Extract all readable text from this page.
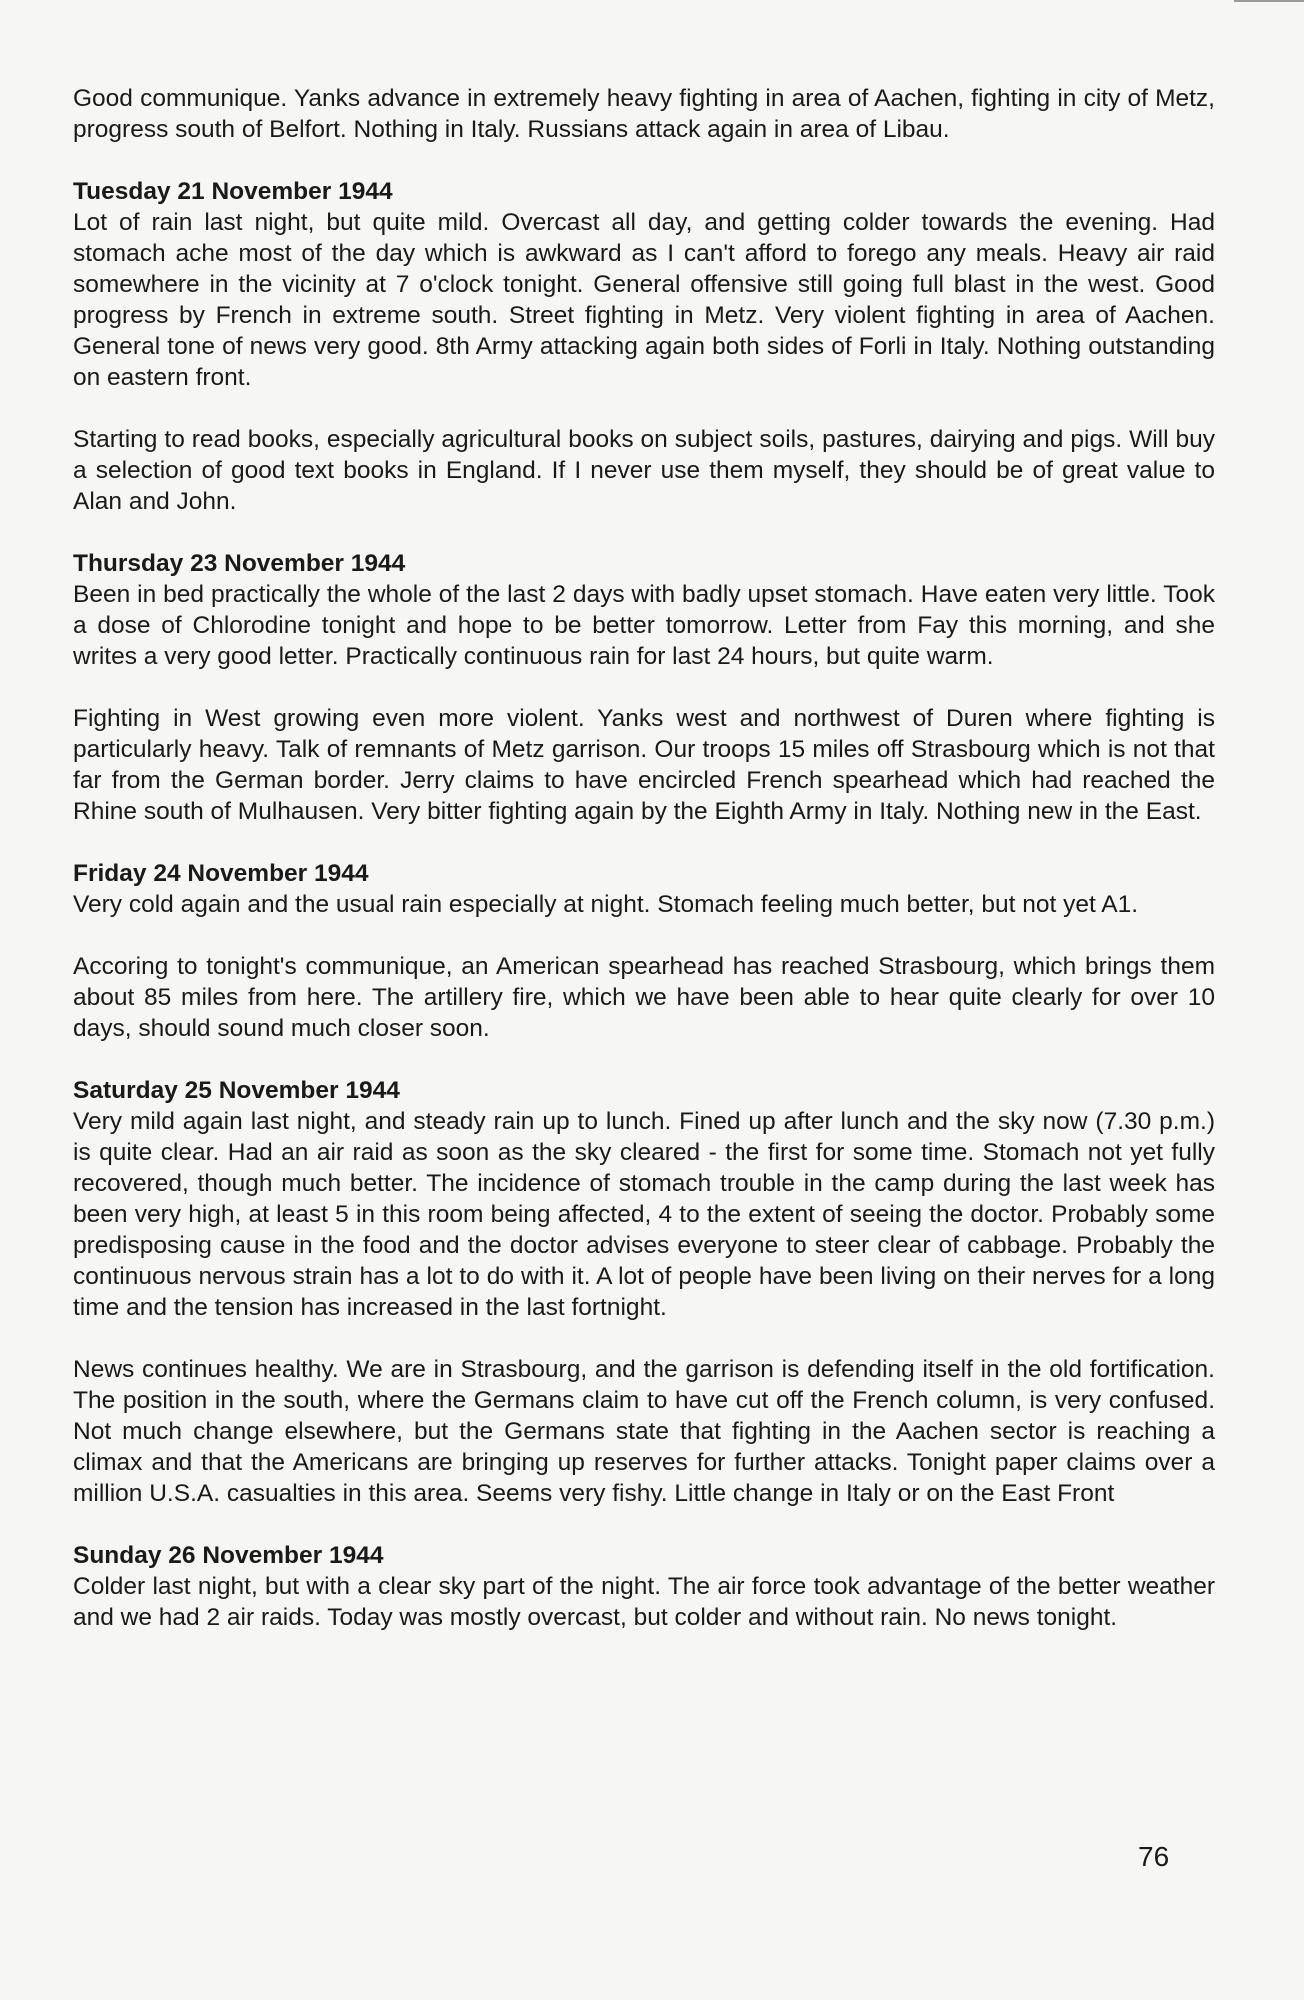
Good communique. Yanks advance in extremely heavy fighting in area of Aachen, fighting in city of Metz, progress south of Belfort. Nothing in Italy. Russians attack again in area of Libau.

Tuesday 21 November 1944

Lot of rain last night, but quite mild. Overcast all day, and getting colder towards the evening. Had stomach ache most of the day which is awkward as I can't afford to forego any meals. Heavy air raid somewhere in the vicinity at 7 o'clock tonight. General offensive still going full blast in the west. Good progress by French in extreme south. Street fighting in Metz. Very violent fighting in area of Aachen. General tone of news very good. 8th Army attacking again both sides of Forli in Italy. Nothing outstanding on eastern front.

Starting to read books, especially agricultural books on subject soils, pastures, dairying and pigs. Will buy a selection of good text books in England. If I never use them myself, they should be of great value to Alan and John.

Thursday 23 November 1944

Been in bed practically the whole of the last 2 days with badly upset stomach. Have eaten very little. Took a dose of Chlorodine tonight and hope to be better tomorrow. Letter from Fay this morning, and she writes a very good letter. Practically continuous rain for last 24 hours, but quite warm.

Fighting in West growing even more violent. Yanks west and northwest of Duren where fighting is particularly heavy. Talk of remnants of Metz garrison. Our troops 15 miles off Strasbourg which is not that far from the German border. Jerry claims to have encircled French spearhead which had reached the Rhine south of Mulhausen. Very bitter fighting again by the Eighth Army in Italy. Nothing new in the East.

Friday 24 November 1944

Very cold again and the usual rain especially at night. Stomach feeling much better, but not yet A1.

Accoring to tonight's communique, an American spearhead has reached Strasbourg, which brings them about 85 miles from here. The artillery fire, which we have been able to hear quite clearly for over 10 days, should sound much closer soon.

Saturday 25 November 1944

Very mild again last night, and steady rain up to lunch. Fined up after lunch and the sky now (7.30 p.m.) is quite clear. Had an air raid as soon as the sky cleared - the first for some time. Stomach not yet fully recovered, though much better. The incidence of stomach trouble in the camp during the last week has been very high, at least 5 in this room being affected, 4 to the extent of seeing the doctor. Probably some predisposing cause in the food and the doctor advises everyone to steer clear of cabbage. Probably the continuous nervous strain has a lot to do with it. A lot of people have been living on their nerves for a long time and the tension has increased in the last fortnight.

News continues healthy. We are in Strasbourg, and the garrison is defending itself in the old fortification. The position in the south, where the Germans claim to have cut off the French column, is very confused. Not much change elsewhere, but the Germans state that fighting in the Aachen sector is reaching a climax and that the Americans are bringing up reserves for further attacks. Tonight paper claims over a million U.S.A. casualties in this area. Seems very fishy. Little change in Italy or on the East Front

Sunday 26 November 1944

Colder last night, but with a clear sky part of the night. The air force took advantage of the better weather and we had 2 air raids. Today was mostly overcast, but colder and without rain. No news tonight.

76
